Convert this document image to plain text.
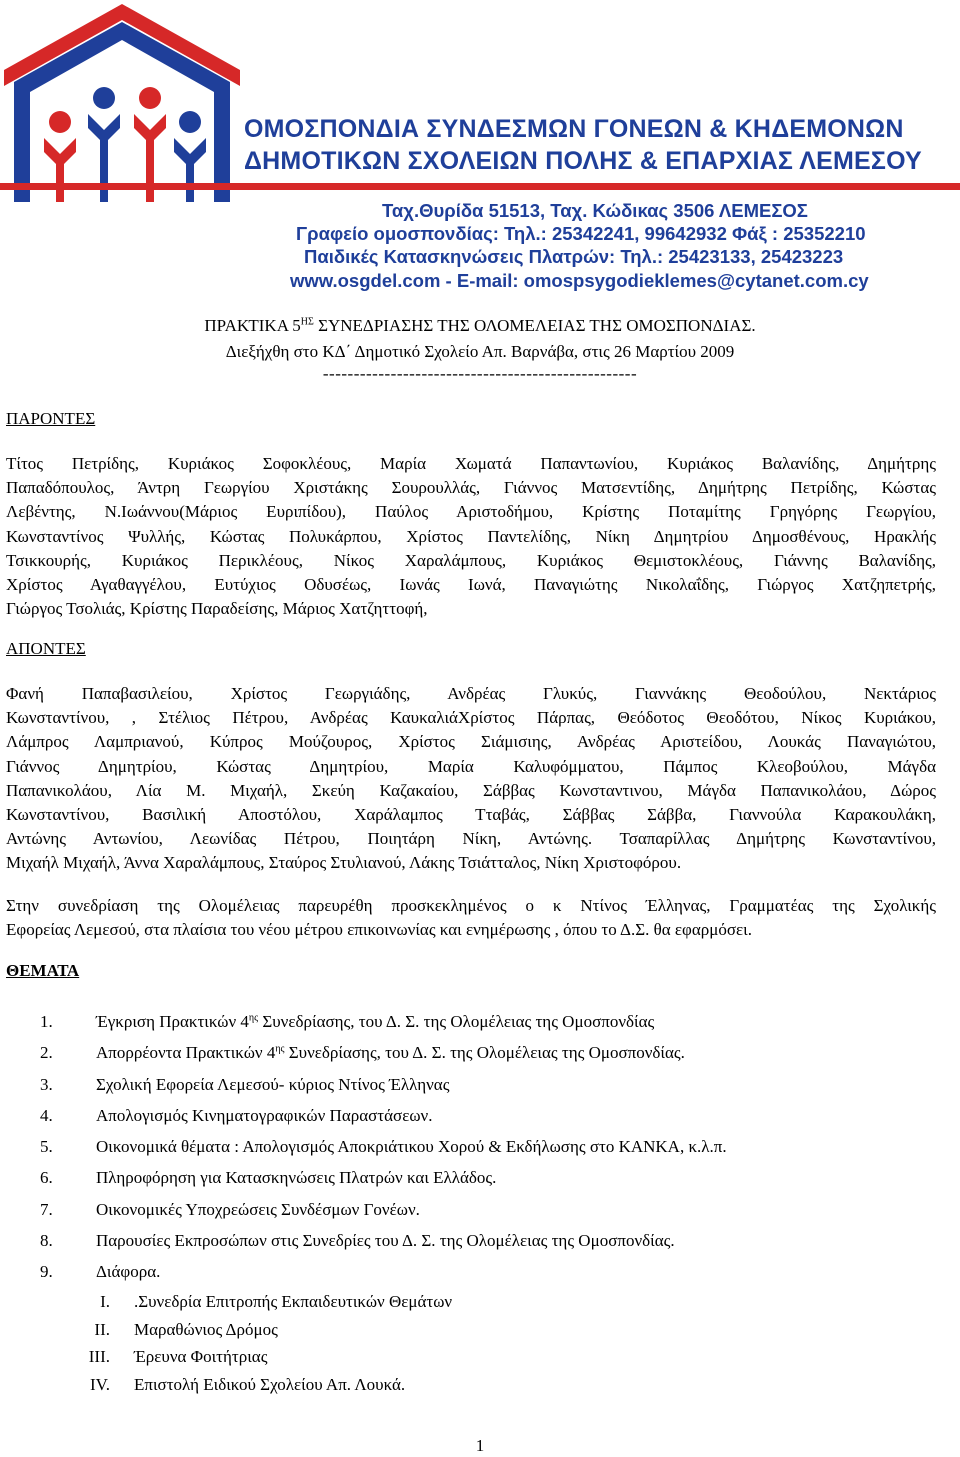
ΟΜΟΣΠΟΝΔΙΑ ΣΥΝΔΕΣΜΩΝ ΓΟΝΕΩΝ & ΚΗΔΕΜΟΝΩΝ
ΔΗΜΟΤΙΚΩΝ ΣΧΟΛΕΙΩΝ ΠΟΛΗΣ & ΕΠΑΡΧΙΑΣ ΛΕΜΕΣΟΥ
Ταχ.Θυρίδα 51513, Ταχ. Κώδικας 3506 ΛΕΜΕΣΟΣ
Γραφείο ομοσπονδίας: Τηλ.: 25342241, 99642932 Φάξ : 25352210
Παιδικές Κατασκηνώσεις Πλατρών: Τηλ.: 25423133, 25423223
www.osgdel.com - E-mail: omospsygodieklemes@cytanet.com.cy
ΠΡΑΚΤΙΚΑ $5^{H\Sigma}$ ΣΥΝΕΔΡΙΑΣΗΣ ΤΗΣ ΟΛΟΜΕΛΕΙΑΣ ΤΗΣ ΟΜΟΣΠΟΝΔΙΑΣ.
Διεξήχθη στο ΚΔ΄ Δημοτικό Σχολείο Απ. Βαρνάβα, στις 26 Μαρτίου 2009
---------------------------------------------------
ΠΑΡΟΝΤΕΣ
Τίτος Πετρίδης, Κυριάκος Σοφοκλέους, Μαρία Χωματά Παπαντωνίου, Κυριάκος Βαλανίδης, Δημήτρης
Παπαδόπουλος, Άντρη Γεωργίου Χριστάκης Σουρουλλάς, Γιάννος Ματσεντίδης, Δημήτρης Πετρίδης, Κώστας
Λεβέντης, Ν.Ιωάννου(Μάριος Ευριπίδου), Παύλος Αριστοδήμου, Κρίστης Ποταμίτης Γρηγόρης Γεωργίου,
Κωνσταντίνος Ψυλλής, Κώστας Πολυκάρπου, Χρίστος Παντελίδης, Νίκη Δημητρίου Δημοσθένους, Ηρακλής
Τσικκουρής, Κυριάκος Περικλέους, Νίκος Χαραλάμπους, Κυριάκος Θεμιστοκλέους, Γιάννης Βαλανίδης,
Χρίστος Αγαθαγγέλου, Ευτύχιος Οδυσέως, Ιωνάς Ιωνά, Παναγιώτης Νικολαΐδης, Γιώργος Χατζηπετρής,
Γιώργος Τσολιάς, Κρίστης Παραδείσης, Μάριος Χατζηττοφή,
ΑΠΟΝΤΕΣ
Φανή Παπαβασιλείου, Χρίστος Γεωργιάδης, Ανδρέας Γλυκύς, Γιαννάκης Θεοδούλου, Νεκτάριος
Κωνσταντίνου, , Στέλιος Πέτρου, Ανδρέας ΚαυκαλιάΧρίστος Πάρπας, Θεόδοτος Θεοδότου, Νίκος Κυριάκου,
Λάμπρος Λαμπριανού, Κύπρος Μούζουρος, Χρίστος Σιάμισιης, Ανδρέας Αριστείδου, Λουκάς Παναγιώτου,
Γιάννος Δημητρίου, Κώστας Δημητρίου, Μαρία Καλυφόμματου, Πάμπος Κλεοβούλου, Μάγδα
Παπανικολάου, Λία Μ. Μιχαήλ, Σκεύη Καζακαίου, Σάββας Κωνσταντινου, Μάγδα Παπανικολάου, Δώρος
Κωνσταντίνου, Βασιλική Αποστόλου, Χαράλαμπος Τταβάς, Σάββας Σάββα, Γιαννούλα Καρακουλάκη,
Αντώνης Αντωνίου, Λεωνίδας Πέτρου, Ποιητάρη Νίκη, Αντώνης. Τσαπαρίλλας Δημήτρης Κωνσταντίνου,
Μιχαήλ Μιχαήλ, Άννα Χαραλάμπους, Σταύρος Στυλιανού, Λάκης Τσιάτταλος, Νίκη Χριστοφόρου.
Στην συνεδρίαση της Ολομέλειας παρευρέθη προσκεκλημένος ο κ Ντίνος Έλληνας, Γραμματέας της Σχολικής
Εφορείας Λεμεσού, στα πλαίσια του νέου μέτρου επικοινωνίας και ενημέρωσης , όπου το Δ.Σ. θα εφαρμόσει.
ΘΕΜΑΤΑ
1.	Έγκριση Πρακτικών $4^{\eta\varsigma}$ Συνεδρίασης, του Δ. Σ. της Ολομέλειας της Ομοσπονδίας
2.	Απορρέοντα Πρακτικών $4^{\eta\varsigma}$ Συνεδρίασης, του Δ. Σ. της Ολομέλειας της Ομοσπονδίας.
3.	Σχολική Εφορεία Λεμεσού- κύριος Ντίνος Έλληνας
4.	Απολογισμός Κινηματογραφικών Παραστάσεων.
5.	Οικονομικά θέματα : Απολογισμός Αποκριάτικου Χορού & Εκδήλωσης στο ΚΑΝΚΑ, κ.λ.π.
6.	Πληροφόρηση για Κατασκηνώσεις Πλατρών και Ελλάδος.
7.	Οικονομικές Υποχρεώσεις Συνδέσμων Γονέων.
8.	Παρουσίες Εκπροσώπων στις Συνεδρίες του Δ. Σ. της Ολομέλειας της Ομοσπονδίας.
9.	Διάφορα.
I. .Συνεδρία Επιτροπής Εκπαιδευτικών Θεμάτων
II. Μαραθώνιος Δρόμος
III. Έρευνα Φοιτήτριας
IV. Επιστολή Ειδικού Σχολείου Απ. Λουκά.
1
